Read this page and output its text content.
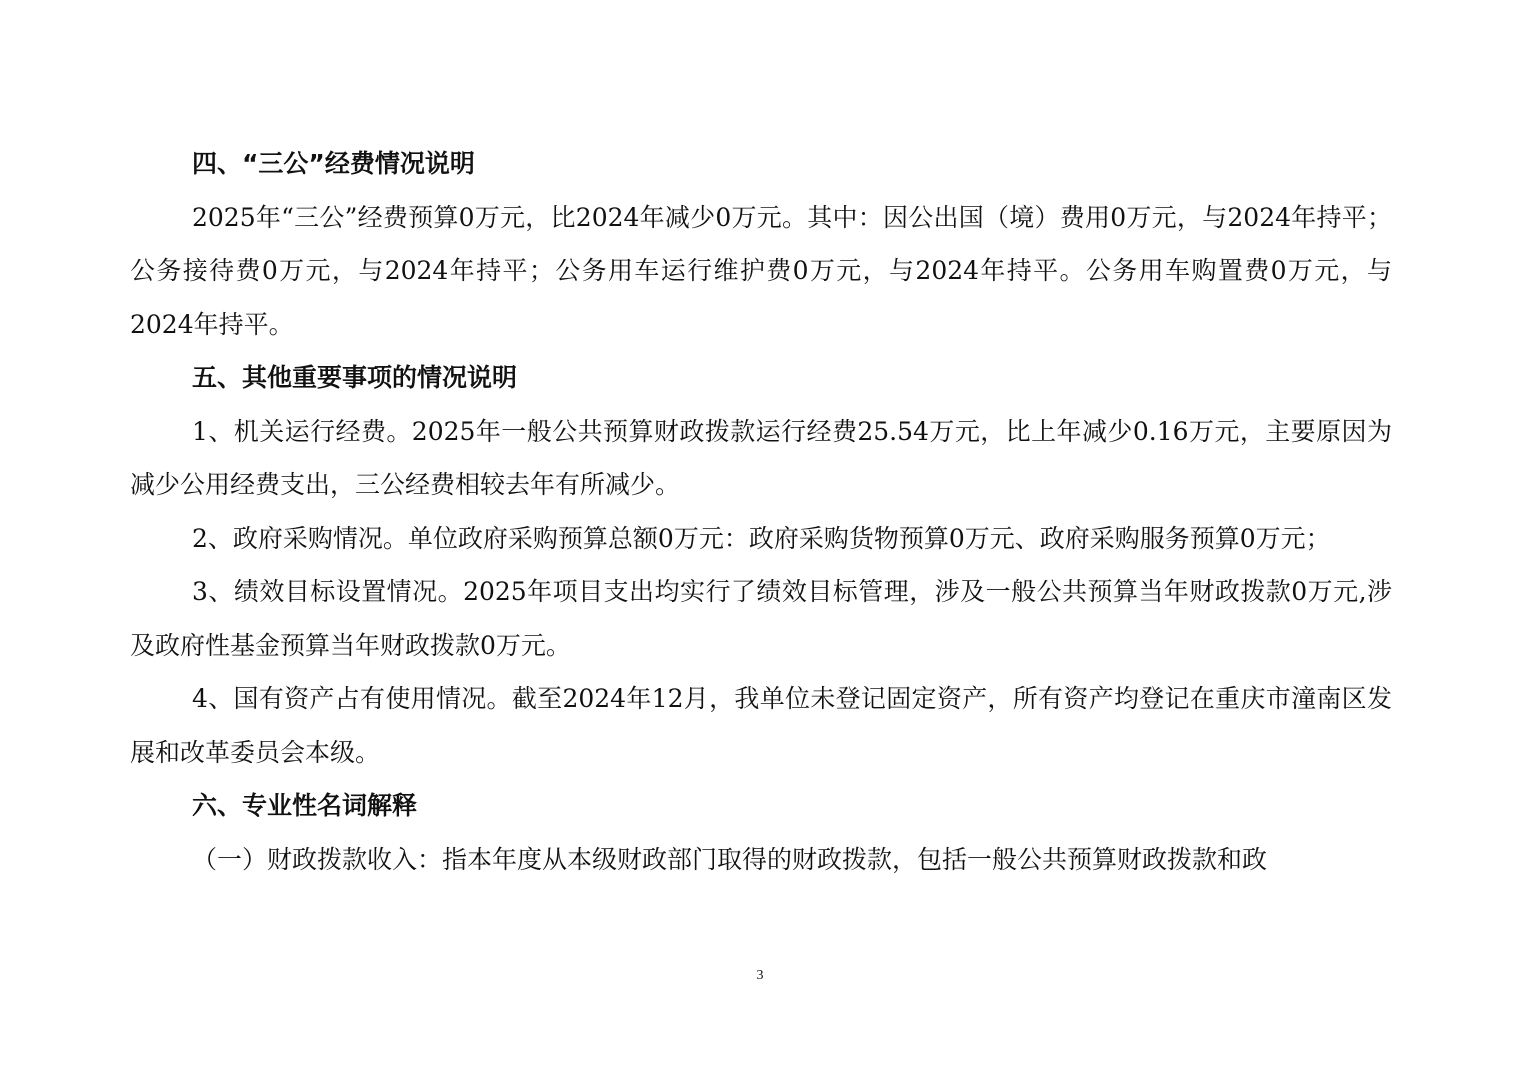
四、“三公”经费情况说明

2025年“三公”经费预算0万元，比2024年减少0万元。其中：因公出国（境）费用0万元，与2024年持平；公务接待费0万元，与2024年持平；公务用车运行维护费0万元，与2024年持平。公务用车购置费0万元，与2024年持平。

五、其他重要事项的情况说明

1、机关运行经费。2025年一般公共预算财政拨款运行经费25.54万元，比上年减少0.16万元，主要原因为减少公用经费支出，三公经费相较去年有所减少。

2、政府采购情况。单位政府采购预算总额0万元：政府采购货物预算0万元、政府采购服务预算0万元；

3、绩效目标设置情况。2025年项目支出均实行了绩效目标管理，涉及一般公共预算当年财政拨款0万元,涉及政府性基金预算当年财政拨款0万元。

4、国有资产占有使用情况。截至2024年12月，我单位未登记固定资产，所有资产均登记在重庆市潼南区发展和改革委员会本级。

六、专业性名词解释

（一）财政拨款收入：指本年度从本级财政部门取得的财政拨款，包括一般公共预算财政拨款和政

3
